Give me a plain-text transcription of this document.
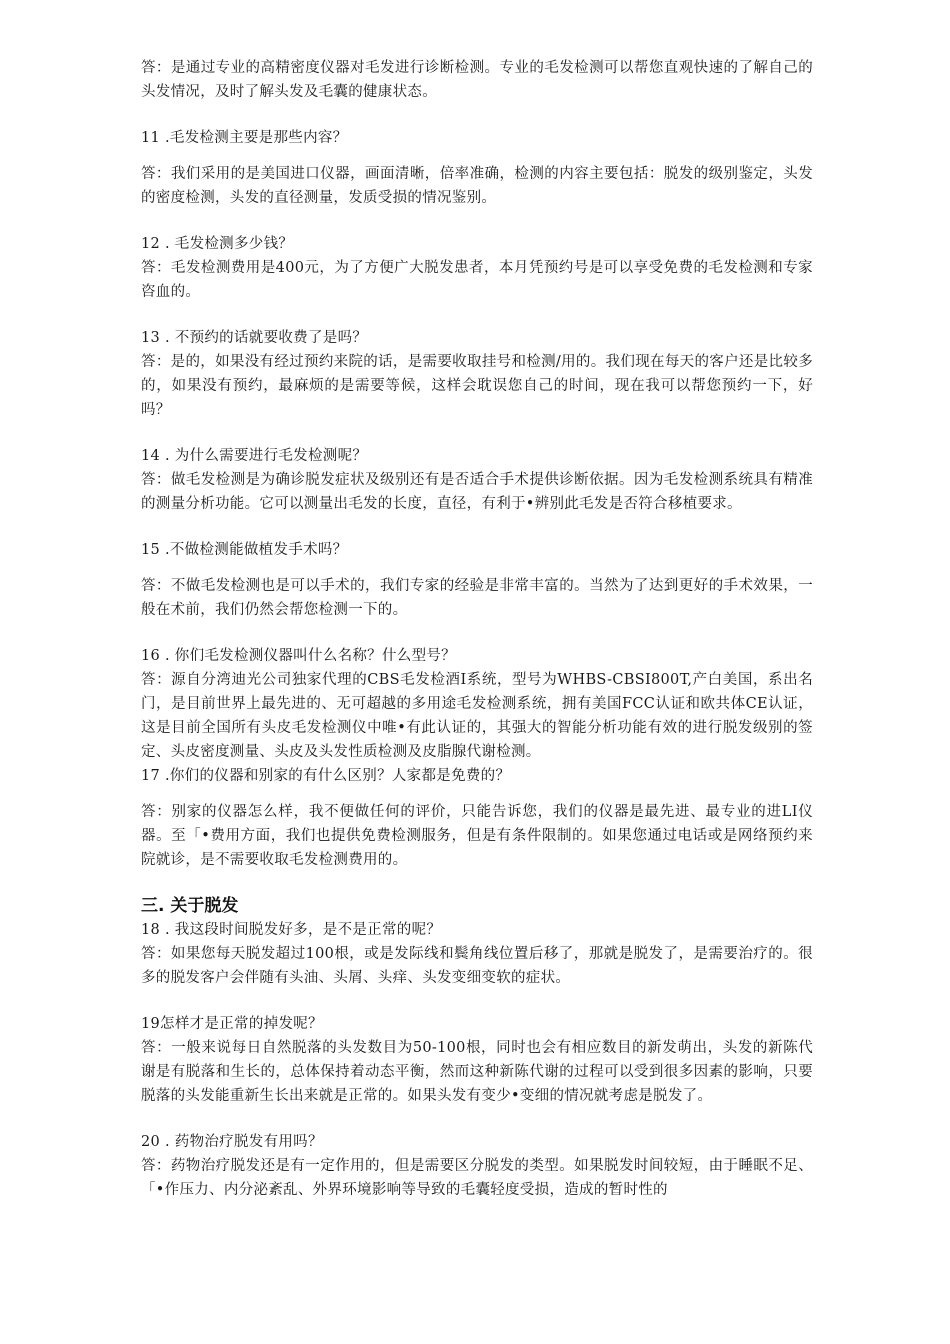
答：是通过专业的高精密度仪器对毛发进行诊断检测。专业的毛发检测可以帮您直观快速的了解自己的头发情况，及时了解头发及毛囊的健康状态。

11 .毛发检测主要是那些内容？

答：我们采用的是美国进口仪器，画面清晰，倍率准确，检测的内容主要包括：脱发的级别鉴定，头发的密度检测，头发的直径测量，发质受损的情况鉴别。

12 . 毛发检测多少钱？

答：毛发检测费用是400元，为了方便广大脱发患者，本月凭预约号是可以享受免费的毛发检测和专家咨血的。

13 . 不预约的话就要收费了是吗？

答：是的，如果没有经过预约来院的话，是需要收取挂号和检测/用的。我们现在每天的客户还是比较多的，如果没有预约，最麻烦的是需要等候，这样会耽误您自己的时间，现在我可以帮您预约一下，好吗？

14 . 为什么需要进行毛发检测呢？

答：做毛发检测是为确诊脱发症状及级别还有是否适合手术提供诊断依据。因为毛发检测系统具有精准的测量分析功能。它可以测量出毛发的长度，直径，有利于•辨别此毛发是否符合移植要求。

15 .不做检测能做植发手术吗？

答：不做毛发检测也是可以手术的，我们专家的经验是非常丰富的。当然为了达到更好的手术效果，一般在术前，我们仍然会帮您检测一下的。

16 . 你们毛发检测仪器叫什么名称？什么型号？

答：源自分湾迪光公司独家代理的CBS毛发检酒I系统，型号为WHBS-CBSI800T,产白美国，系出名门，是目前世界上最先进的、无可超越的多用途毛发检测系统，拥有美国FCC认证和欧共体CE认证，这是目前全国所有头皮毛发检测仪中唯•有此认证的，其强大的智能分析功能有效的进行脱发级别的签定、头皮密度测量、头皮及头发性质检测及皮脂腺代谢检测。

17 .你们的仪器和别家的有什么区别？人家都是免费的？

答：别家的仪器怎么样，我不便做任何的评价，只能告诉您，我们的仪器是最先进、最专业的进LI仪器。至「•费用方面，我们也提供免费检测服务，但是有条件限制的。如果您通过电话或是网络预约来院就诊，是不需要收取毛发检测费用的。

三. 关于脱发

18 . 我这段时间脱发好多，是不是正常的呢？

答：如果您每天脱发超过100根，或是发际线和鬓角线位置后移了，那就是脱发了，是需要治疗的。很多的脱发客户会伴随有头油、头屑、头痒、头发变细变软的症状。

19怎样才是正常的掉发呢？

答：一般来说每日自然脱落的头发数目为50-100根，同时也会有相应数目的新发萌出，头发的新陈代谢是有脱落和生长的，总体保持着动态平衡，然而这种新陈代谢的过程可以受到很多因素的影响，只要脱落的头发能重新生长出来就是正常的。如果头发有变少•变细的情况就考虑是脱发了。

20 . 药物治疗脱发有用吗？

答：药物治疗脱发还是有一定作用的，但是需要区分脱发的类型。如果脱发时间较短，由于睡眠不足、「•作压力、内分泌紊乱、外界环境影响等导致的毛囊轻度受损，造成的暂时性的
